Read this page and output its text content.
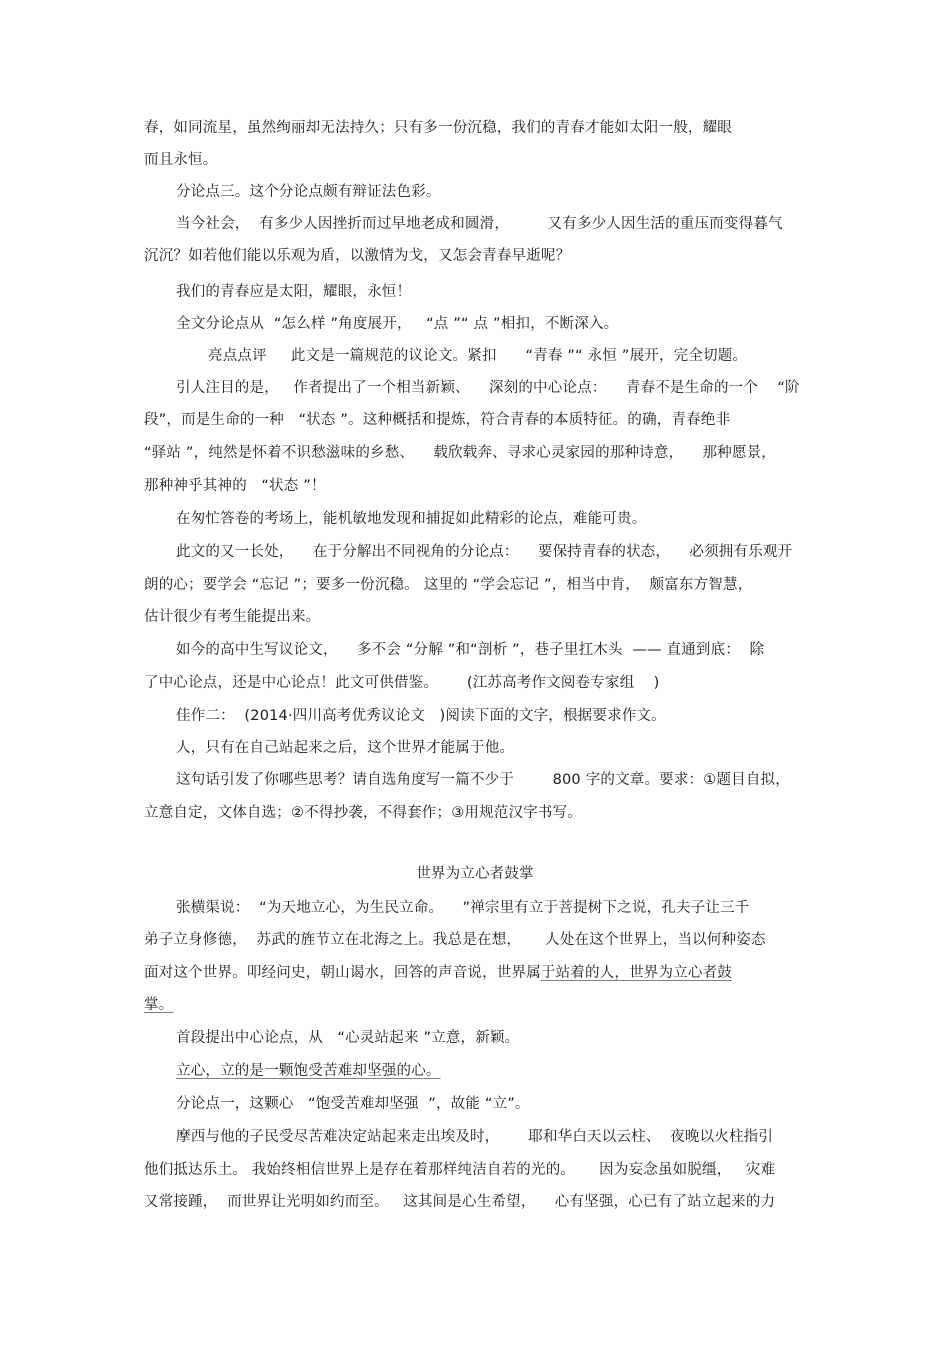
春，如同流星，虽然绚丽却无法持久；只有多一份沉稳，我们的青春才能如太阳一般，耀眼
而且永恒。
分论点三。这个分论点颇有辩证法色彩。
当今社会，  有多少人因挫折而过早地老成和圆滑，        又有多少人因生活的重压而变得暮气
沉沉？如若他们能以乐观为盾，以激情为戈，又怎会青春早逝呢？
我们的青春应是太阳，耀眼，永恒！
全文分论点从  “怎么样 ”角度展开，   “点 ”“ 点 ”相扣，不断深入。
亮点点评     此文是一篇规范的议论文。紧扣      “青春 ”“ 永恒 ”展开，完全切题。
引人注目的是，   作者提出了一个相当新颖、    深刻的中心论点：    青春不是生命的一个    “阶
段”，而是生命的一种   “状态 ”。这种概括和提炼，符合青春的本质特征。的确，青春绝非
“驿站 ”，纯然是怀着不识愁滋味的乡愁、    载欣载奔、寻求心灵家园的那种诗意，    那种愿景，
那种神乎其神的   “状态 ”！
在匆忙答卷的考场上，能机敏地发现和捕捉如此精彩的论点，难能可贵。
此文的又一长处，    在于分解出不同视角的分论点：    要保持青春的状态，    必须拥有乐观开
朗的心；要学会 “忘记 ”；要多一份沉稳。 这里的 “学会忘记 ”，相当中肯，  颇富东方智慧，
估计很少有考生能提出来。
如今的高中生写议论文，    多不会 “分解 ”和“剖析 ”，巷子里扛木头  —— 直通到底：  除
了中心论点，还是中心论点！此文可供借鉴。      (江苏高考作文阅卷专家组    )
佳作二：  (2014·四川高考优秀议论文   )阅读下面的文字，根据要求作文。
人，只有在自己站起来之后，这个世界才能属于他。
这句话引发了你哪些思考？请自选角度写一篇不少于        800 字的文章。要求：①题目自拟，
立意自定，文体自选；②不得抄袭，不得套作；③用规范汉字书写。
世界为立心者鼓掌
张横渠说：  “为天地立心，为生民立命。    ”禅宗里有立于菩提树下之说，孔夫子让三千
弟子立身修德，  苏武的旌节立在北海之上。我总是在想，     人处在这个世界上，当以何种姿态
面对这个世界。叩经问史，朝山谒水，回答的声音说，世界属于站着的人，世界为立心者鼓
掌。
首段提出中心论点，从   “心灵站起来 ”立意，新颖。
立心，立的是一颗饱受苦难却坚强的心。
分论点一，这颗心   “饱受苦难却坚强  ”，故能 “立”。
摩西与他的子民受尽苦难决定站起来走出埃及时，      耶和华白天以云柱、  夜晚以火柱指引
他们抵达乐土。 我始终相信世界上是存在着那样纯洁自若的光的。     因为妄念虽如脱缰，   灾难
又常接踵，  而世界让光明如约而至。   这其间是心生希望，    心有坚强，心已有了站立起来的力
